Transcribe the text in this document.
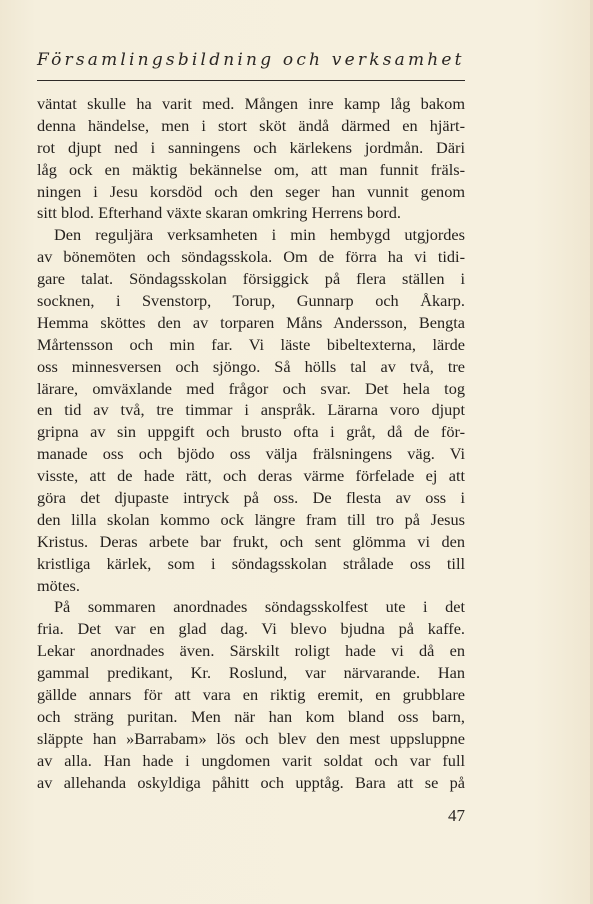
Församlingsbildning och verksamhet
väntat skulle ha varit med. Mången inre kamp låg bakom
denna händelse, men i stort sköt ändå därmed en hjärt-
rot djupt ned i sanningens och kärlekens jordmån. Däri
låg ock en mäktig bekännelse om, att man funnit fräls-
ningen i Jesu korsdöd och den seger han vunnit genom
sitt blod. Efterhand växte skaran omkring Herrens bord.
Den reguljära verksamheten i min hembygd utgjordes
av bönemöten och söndagsskola. Om de förra ha vi tidi-
gare talat. Söndagsskolan försiggick på flera ställen i
socknen, i Svenstorp, Torup, Gunnarp och Åkarp.
Hemma sköttes den av torparen Måns Andersson, Bengta
Mårtensson och min far. Vi läste bibeltexterna, lärde
oss minnesversen och sjöngo. Så hölls tal av två, tre
lärare, omväxlande med frågor och svar. Det hela tog
en tid av två, tre timmar i anspråk. Lärarna voro djupt
gripna av sin uppgift och brusto ofta i gråt, då de för-
manade oss och bjödo oss välja frälsningens väg. Vi
visste, att de hade rätt, och deras värme förfelade ej att
göra det djupaste intryck på oss. De flesta av oss i
den lilla skolan kommo ock längre fram till tro på Jesus
Kristus. Deras arbete bar frukt, och sent glömma vi den
kristliga kärlek, som i söndagsskolan strålade oss till
mötes.
På sommaren anordnades söndagsskolfest ute i det
fria. Det var en glad dag. Vi blevo bjudna på kaffe.
Lekar anordnades även. Särskilt roligt hade vi då en
gammal predikant, Kr. Roslund, var närvarande. Han
gällde annars för att vara en riktig eremit, en grubblare
och sträng puritan. Men när han kom bland oss barn,
släppte han »Barrabam» lös och blev den mest uppsluppne
av alla. Han hade i ungdomen varit soldat och var full
av allehanda oskyldiga påhitt och upptåg. Bara att se på
47
